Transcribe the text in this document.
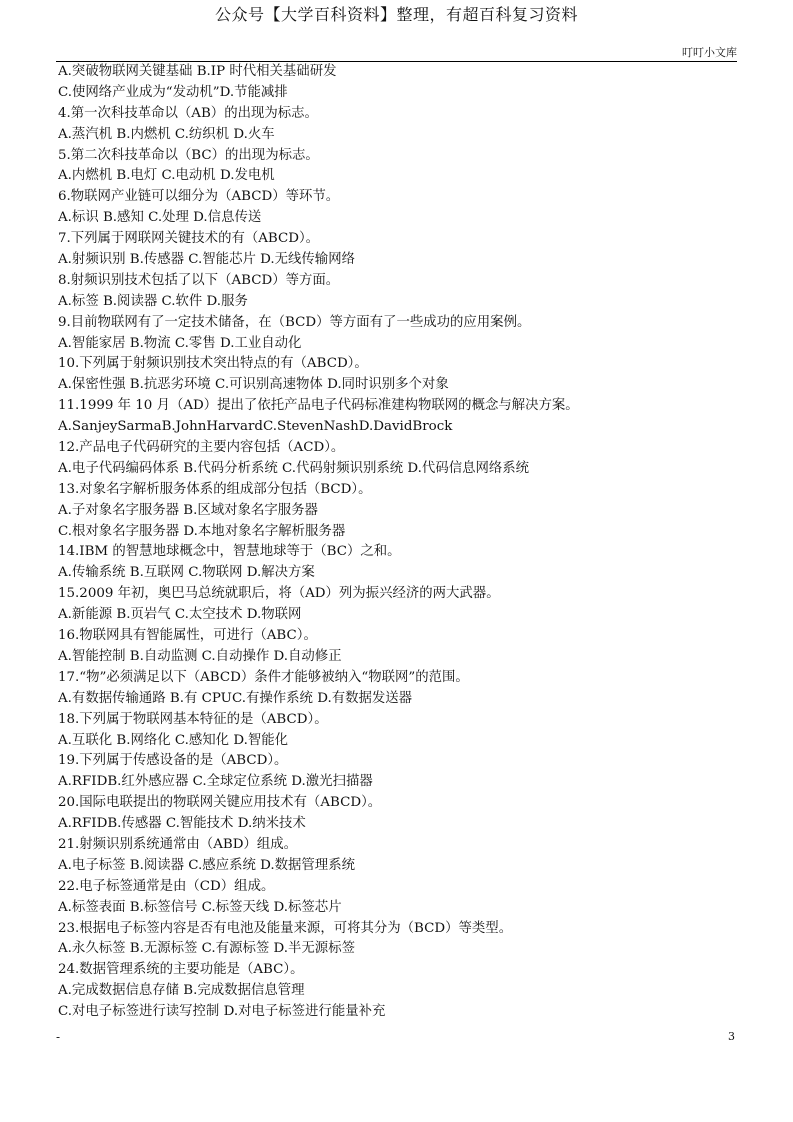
公众号【大学百科资料】整理，有超百科复习资料
叮叮小文库
A.突破物联网关键基础 B.IP 时代相关基础研发
C.使网络产业成为“发动机”D.节能减排
4.第一次科技革命以（AB）的出现为标志。
A.蒸汽机 B.内燃机 C.纺织机 D.火车
5.第二次科技革命以（BC）的出现为标志。
A.内燃机 B.电灯 C.电动机 D.发电机
6.物联网产业链可以细分为（ABCD）等环节。
A.标识 B.感知 C.处理 D.信息传送
7.下列属于网联网关键技术的有（ABCD）。
A.射频识别 B.传感器 C.智能芯片 D.无线传输网络
8.射频识别技术包括了以下（ABCD）等方面。
A.标签 B.阅读器 C.软件 D.服务
9.目前物联网有了一定技术储备，在（BCD）等方面有了一些成功的应用案例。
A.智能家居 B.物流 C.零售 D.工业自动化
10.下列属于射频识别技术突出特点的有（ABCD）。
A.保密性强 B.抗恶劣环境 C.可识别高速物体 D.同时识别多个对象
11.1999 年 10 月（AD）提出了依托产品电子代码标准建构物联网的概念与解决方案。
A.SanjeySarmaB.JohnHarvardC.StevenNashD.DavidBrock
12.产品电子代码研究的主要内容包括（ACD）。
A.电子代码编码体系 B.代码分析系统 C.代码射频识别系统 D.代码信息网络系统
13.对象名字解析服务体系的组成部分包括（BCD）。
A.子对象名字服务器 B.区域对象名字服务器
C.根对象名字服务器 D.本地对象名字解析服务器
14.IBM 的智慧地球概念中，智慧地球等于（BC）之和。
A.传输系统 B.互联网 C.物联网 D.解决方案
15.2009 年初，奥巴马总统就职后，将（AD）列为振兴经济的两大武器。
A.新能源 B.页岩气 C.太空技术 D.物联网
16.物联网具有智能属性，可进行（ABC）。
A.智能控制 B.自动监测 C.自动操作 D.自动修正
17.“物”必须满足以下（ABCD）条件才能够被纳入“物联网”的范围。
A.有数据传输通路 B.有 CPUC.有操作系统 D.有数据发送器
18.下列属于物联网基本特征的是（ABCD）。
A.互联化 B.网络化 C.感知化 D.智能化
19.下列属于传感设备的是（ABCD）。
A.RFIDB.红外感应器 C.全球定位系统 D.激光扫描器
20.国际电联提出的物联网关键应用技术有（ABCD）。
A.RFIDB.传感器 C.智能技术 D.纳米技术
21.射频识别系统通常由（ABD）组成。
A.电子标签 B.阅读器 C.感应系统 D.数据管理系统
22.电子标签通常是由（CD）组成。
A.标签表面 B.标签信号 C.标签天线 D.标签芯片
23.根据电子标签内容是否有电池及能量来源，可将其分为（BCD）等类型。
A.永久标签 B.无源标签 C.有源标签 D.半无源标签
24.数据管理系统的主要功能是（ABC）。
A.完成数据信息存储 B.完成数据信息管理
C.对电子标签进行读写控制 D.对电子标签进行能量补充
-	3
